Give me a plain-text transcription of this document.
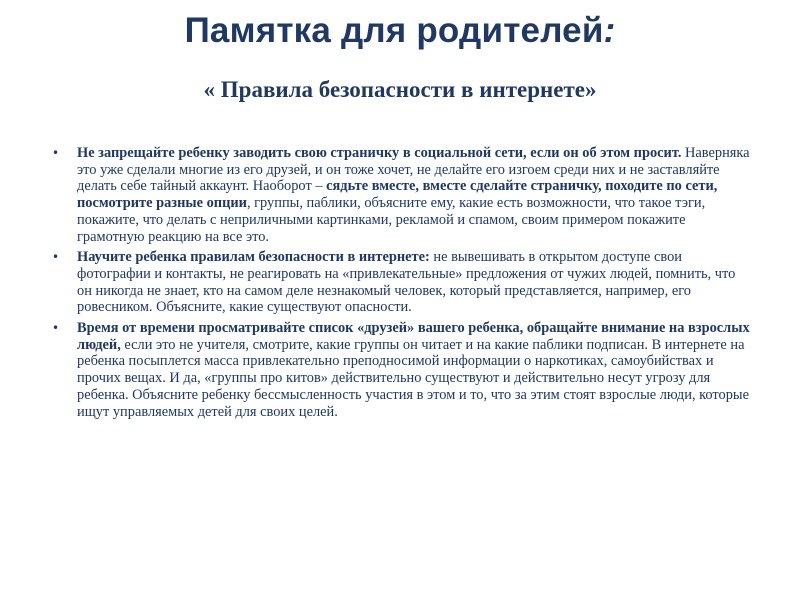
Памятка для родителей:
« Правила безопасности в интернете»
•	Не запрещайте ребенку заводить свою страничку в социальной сети, если он об этом просит. Наверняка это уже сделали многие из его друзей, и он тоже хочет, не делайте его изгоем среди них и не заставляйте делать себе тайный аккаунт. Наоборот – сядьте вместе, вместе сделайте страничку, походите по сети, посмотрите разные опции, группы, паблики, объясните ему, какие есть возможности, что такое тэги, покажите, что делать с неприличными картинками, рекламой и спамом, своим примером покажите грамотную реакцию на все это.
•	Научите ребенка правилам безопасности в интернете: не вывешивать в открытом доступе свои фотографии и контакты, не реагировать на «привлекательные» предложения от чужих людей, помнить, что он никогда не знает, кто на самом деле незнакомый человек, который представляется, например, его ровесником. Объясните, какие существуют опасности.
•	Время от времени просматривайте список «друзей» вашего ребенка, обращайте внимание на взрослых людей, если это не учителя, смотрите, какие группы он читает и на какие паблики подписан. В интернете на ребенка посыплется масса привлекательно преподносимой информации о наркотиках, самоубийствах и прочих вещах. И да, «группы про китов» действительно существуют и действительно несут угрозу для ребенка. Объясните ребенку бессмысленность участия в этом и то, что за этим стоят взрослые люди, которые ищут управляемых детей для своих целей.
